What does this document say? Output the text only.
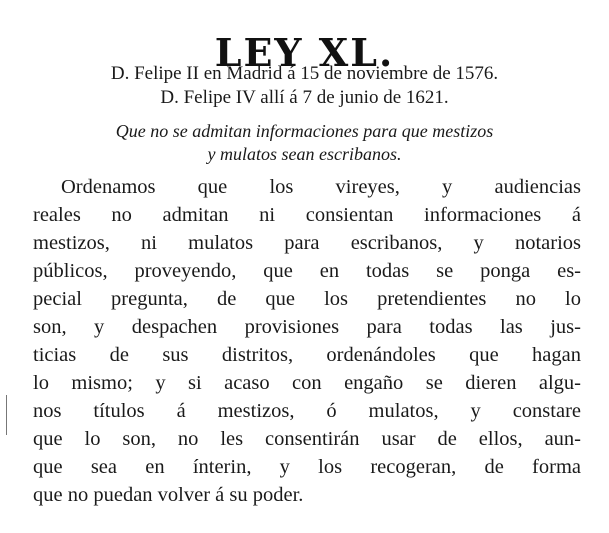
LEY XL.
D. Felipe II en Madrid á 15 de noviembre de 1576.
D. Felipe IV allí á 7 de junio de 1621.
Que no se admitan informaciones para que mestizos
y mulatos sean escribanos.
Ordenamos que los vireyes, y audiencias
reales no admitan ni consientan informaciones á
mestizos, ni mulatos para escribanos, y notarios
públicos, proveyendo, que en todas se ponga es-
pecial pregunta, de que los pretendientes no lo
son, y despachen provisiones para todas las jus-
ticias de sus distritos, ordenándoles que hagan
lo mismo; y si acaso con engaño se dieren algu-
nos títulos á mestizos, ó mulatos, y constare
que lo son, no les consentirán usar de ellos, aun-
que sea en ínterin, y los recogeran, de forma
que no puedan volver á su poder.
